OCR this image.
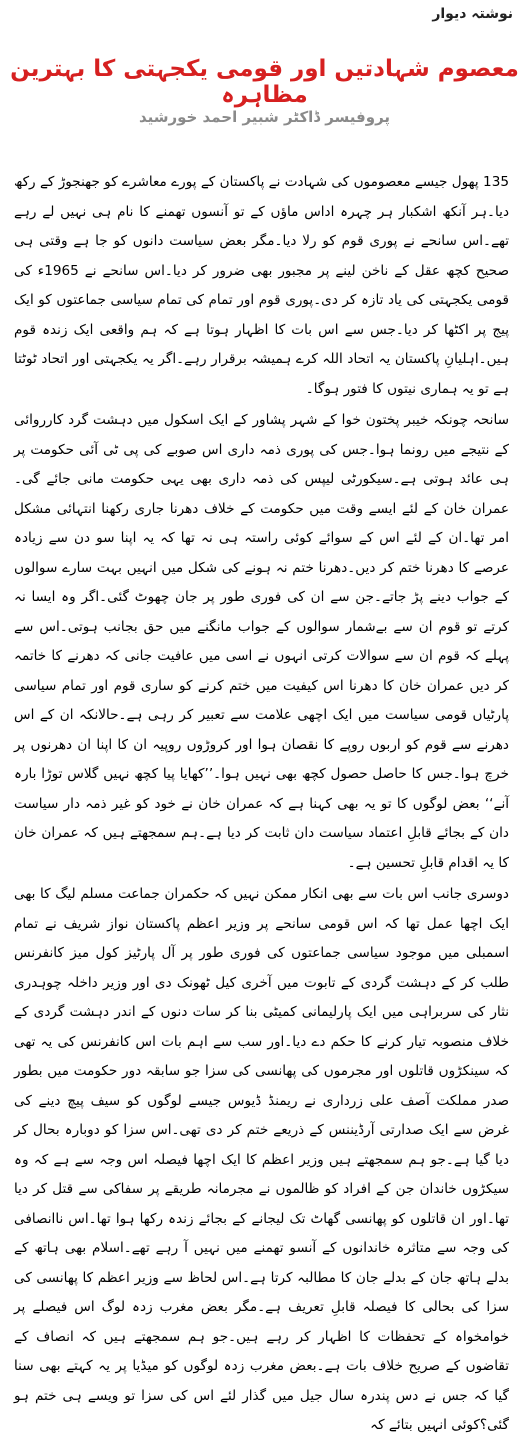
نوشتہ دیوار
معصوم شہادتیں اور قومی یکجہتی کا بہترین مظاہرہ
پروفیسر ڈاکٹر شبیر احمد خورشید

135 پھول جیسے معصوموں کی شہادت نے پاکستان کے پورے معاشرے کو جھنجوڑ کے رکھ دیا۔ہر آنکھ اشکبار ہر چہرہ اداس ماؤں کے تو آنسوں تھمنے کا نام ہی نہیں لے رہے تھے۔اس سانحے نے پوری قوم کو رلا دیا۔مگر بعض سیاست دانوں کو جا ہے وقتی ہی صحیح کچھ عقل کے ناخن لینے پر مجبور بھی ضرور کر دیا۔اس سانحے نے 1965ء کی قومی یکجہتی کی یاد تازہ کر دی۔پوری قوم اور تمام کی تمام سیاسی جماعتوں کو ایک پیج پر اکٹھا کر دیا۔جس سے اس بات کا اظہار ہوتا ہے کہ ہم واقعی ایک زندہ قوم ہیں۔اہلیانِ پاکستان یہ اتحاد اللہ کرے ہمیشہ برقرار رہے۔اگر یہ یکجہتی اور اتحاد ٹوٹتا ہے تو یہ ہماری نیتوں کا فتور ہوگا۔

سانحہ چونکہ خیبر پختون خوا کے شہر پشاور کے ایک اسکول میں دہشت گرد کارروائی کے نتیجے میں رونما ہوا۔جس کی پوری ذمہ داری اس صوبے کی پی ٹی آئی حکومت پر ہی عائد ہوتی ہے۔سیکورٹی لیپس کی ذمہ داری بھی یہی حکومت مانی جائے گی۔عمران خان کے لئے ایسے وقت میں حکومت کے خلاف دھرنا جاری رکھنا انتہائی مشکل امر تھا۔ان کے لئے اس کے سوائے کوئی راستہ ہی نہ تھا کہ یہ اپنا سو دن سے زیادہ عرصے کا دھرنا ختم کر دیں۔دھرنا ختم نہ ہونے کی شکل میں انہیں بہت سارے سوالوں کے جواب دینے پڑ جاتے۔جن سے ان کی فوری طور پر جان چھوٹ گئی۔اگر وہ ایسا نہ کرتے تو قوم ان سے بےشمار سوالوں کے جواب مانگنے میں حق بجانب ہوتی۔اس سے پہلے کہ قوم ان سے سوالات کرتی انہوں نے اسی میں عافیت جانی کہ دھرنے کا خاتمہ کر دیں عمران خان کا دھرنا اس کیفیت میں ختم کرنے کو ساری قوم اور تمام سیاسی پارٹیاں قومی سیاست میں ایک اچھی علامت سے تعبیر کر رہی ہے۔حالانکہ ان کے اس دھرنے سے قوم کو اربوں روپے کا نقصان ہوا اور کروڑوں روپیہ ان کا اپنا ان دھرنوں پر خرچ ہوا۔جس کا حاصل حصول کچھ بھی نہیں ہوا۔’’کھایا پیا کچھ نہیں گلاس توڑا بارہ آنے‘‘ بعض لوگوں کا تو یہ بھی کہنا ہے کہ عمران خان نے خود کو غیر ذمہ دار سیاست دان کے بجائے قابلِ اعتماد سیاست دان ثابت کر دیا ہے۔ہم سمجھتے ہیں کہ عمران خان کا یہ اقدام قابلِ تحسین ہے۔

دوسری جانب اس بات سے بھی انکار ممکن نہیں کہ حکمران جماعت مسلم لیگ کا بھی ایک اچھا عمل تھا کہ اس قومی سانحے پر وزیر اعظم پاکستان نواز شریف نے تمام اسمبلی میں موجود سیاسی جماعتوں کی فوری طور پر آل پارٹیز کول میز کانفرنس طلب کر کے دہشت گردی کے تابوت میں آخری کیل ٹھونک دی اور وزیر داخلہ چوہدری نثار کی سربراہی میں ایک پارلیمانی کمیٹی بنا کر سات دنوں کے اندر دہشت گردی کے خلاف منصوبہ تیار کرنے کا حکم دے دیا۔اور سب سے اہم بات اس کانفرنس کی یہ تھی کہ سینکڑوں قاتلوں اور مجرموں کی پھانسی کی سزا جو سابقہ دور حکومت میں بطور صدر مملکت آصف علی زرداری نے ریمنڈ ڈیوس جیسے لوگوں کو سیف پیچ دینے کی غرض سے ایک صدارتی آرڈیننس کے ذریعے ختم کر دی تھی۔اس سزا کو دوبارہ بحال کر دیا گیا ہے۔جو ہم سمجھتے ہیں وزیر اعظم کا ایک اچھا فیصلہ اس وجہ سے ہے کہ وہ سیکڑوں خاندان جن کے افراد کو ظالموں نے مجرمانہ طریقے پر سفاکی سے قتل کر دیا تھا۔اور ان قاتلوں کو پھانسی گھاٹ تک لیجانے کے بجائے زندہ رکھا ہوا تھا۔اس ناانصافی کی وجہ سے متاثرہ خاندانوں کے آنسو تھمنے میں نہیں آ رہے تھے۔اسلام بھی ہاتھ کے بدلے ہاتھ جان کے بدلے جان کا مطالبہ کرتا ہے۔اس لحاظ سے وزیر اعظم کا پھانسی کی سزا کی بحالی کا فیصلہ قابلِ تعریف ہے۔مگر بعض مغرب زدہ لوگ اس فیصلے پر خوامخواہ کے تحفظات کا اظہار کر رہے ہیں۔جو ہم سمجھتے ہیں کہ انصاف کے تقاضوں کے صریح خلاف بات ہے۔بعض مغرب زدہ لوگوں کو میڈیا پر یہ کہتے بھی سنا گیا کہ جس نے دس پندرہ سال جیل میں گذار لئے اس کی سزا تو ویسے ہی ختم ہو گئی؟کوئی انہیں بتائے کہ
